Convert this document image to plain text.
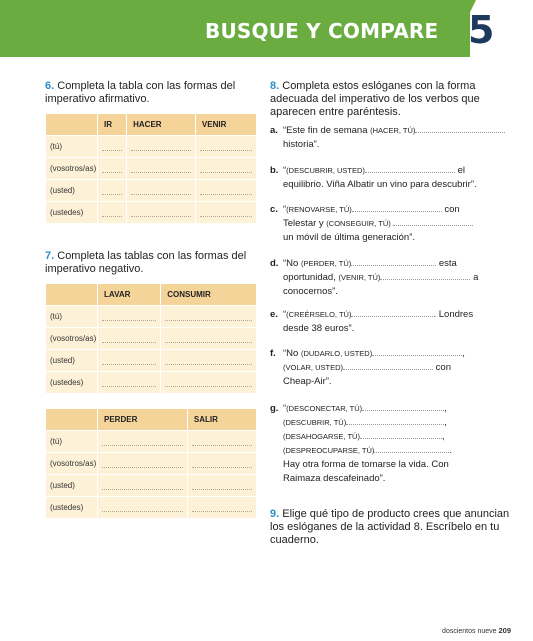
BUSQUE Y COMPARE 5
6. Completa la tabla con las formas del imperativo afirmativo.
	IR	HACER	VENIR
(tú)			
(vosotros/as)			
(usted)			
(ustedes)			
7. Completa las tablas con las formas del imperativo negativo.
	LAVAR	CONSUMIR
(tú)		
(vosotros/as)		
(usted)		
(ustedes)		
	PERDER	SALIR
(tú)		
(vosotros/as)		
(usted)		
(ustedes)		
8. Completa estos eslóganes con la forma adecuada del imperativo de los verbos que aparecen entre paréntesis.
a. “Este fin de semana (HACER, TÚ)
historia”.
b. “(DESCUBRIR, USTED)	el
equilibrio. Viña Albatir un vino para descubrir”.
c. “(RENOVARSE, TÚ)	con
Telestar y (CONSEGUIR, TÚ)
un móvil de última generación”.
d. “No (PERDER, TÚ)	esta
oportunidad, (VENIR, TÚ)	a
conocernos”.
e. “(CREÉRSELO, TÚ)	. Londres
desde 38 euros”.
f. “No (DUDARLO, USTED)	,
(VOLAR, USTED)	con
Cheap-Air”.
g. “(DESCONECTAR, TÚ)	,
(DESCUBRIR, TÚ)	,
(DESAHOGARSE, TÚ)	,
(DESPREOCUPARSE, TÚ)	.
Hay otra forma de tomarse la vida. Con
Raimaza descafeinado”.
9. Elige qué tipo de producto crees que anuncian los eslóganes de la actividad 8. Escríbelo en tu cuaderno.
doscientos nueve 209
